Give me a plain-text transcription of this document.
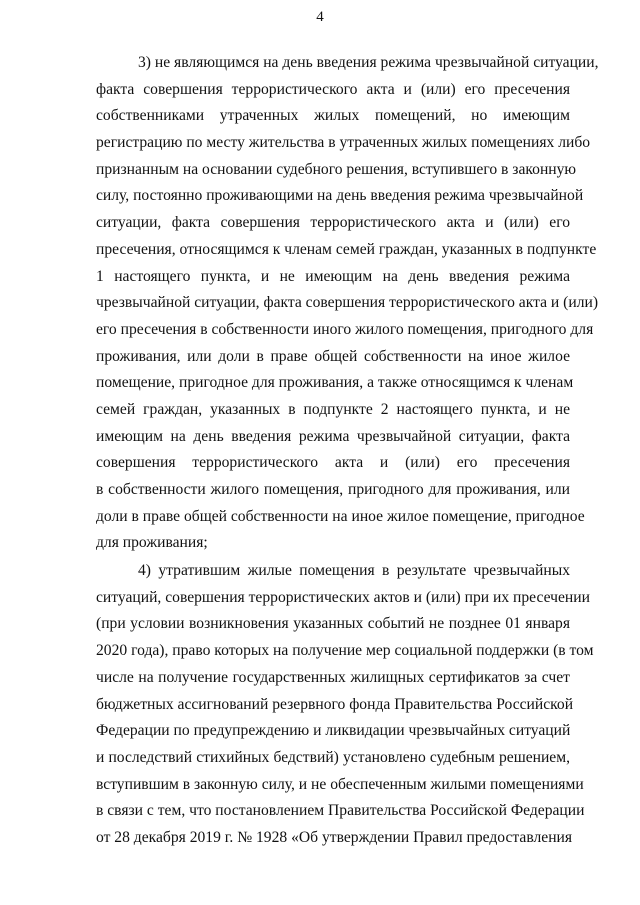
4
3) не являющимся на день введения режима чрезвычайной ситуации,
факта совершения террористического акта и (или) его пресечения
собственниками утраченных жилых помещений, но имеющим
регистрацию по месту жительства в утраченных жилых помещениях либо
признанным на основании судебного решения, вступившего в законную
силу, постоянно проживающими на день введения режима чрезвычайной
ситуации, факта совершения террористического акта и (или) его
пресечения, относящимся к членам семей граждан, указанных в подпункте
1 настоящего пункта, и не имеющим на день введения режима
чрезвычайной ситуации, факта совершения террористического акта и (или)
его пресечения в собственности иного жилого помещения, пригодного для
проживания, или доли в праве общей собственности на иное жилое
помещение, пригодное для проживания, а также относящимся к членам
семей граждан, указанных в подпункте 2 настоящего пункта, и не
имеющим на день введения режима чрезвычайной ситуации, факта
совершения террористического акта и (или) его пресечения
в собственности жилого помещения, пригодного для проживания, или
доли в праве общей собственности на иное жилое помещение, пригодное
для проживания;
4) утратившим жилые помещения в результате чрезвычайных
ситуаций, совершения террористических актов и (или) при их пресечении
(при условии возникновения указанных событий не позднее 01 января
2020 года), право которых на получение мер социальной поддержки (в том
числе на получение государственных жилищных сертификатов за счет
бюджетных ассигнований резервного фонда Правительства Российской
Федерации по предупреждению и ликвидации чрезвычайных ситуаций
и последствий стихийных бедствий) установлено судебным решением,
вступившим в законную силу, и не обеспеченным жилыми помещениями
в связи с тем, что постановлением Правительства Российской Федерации
от 28 декабря 2019 г. № 1928 «Об утверждении Правил предоставления
